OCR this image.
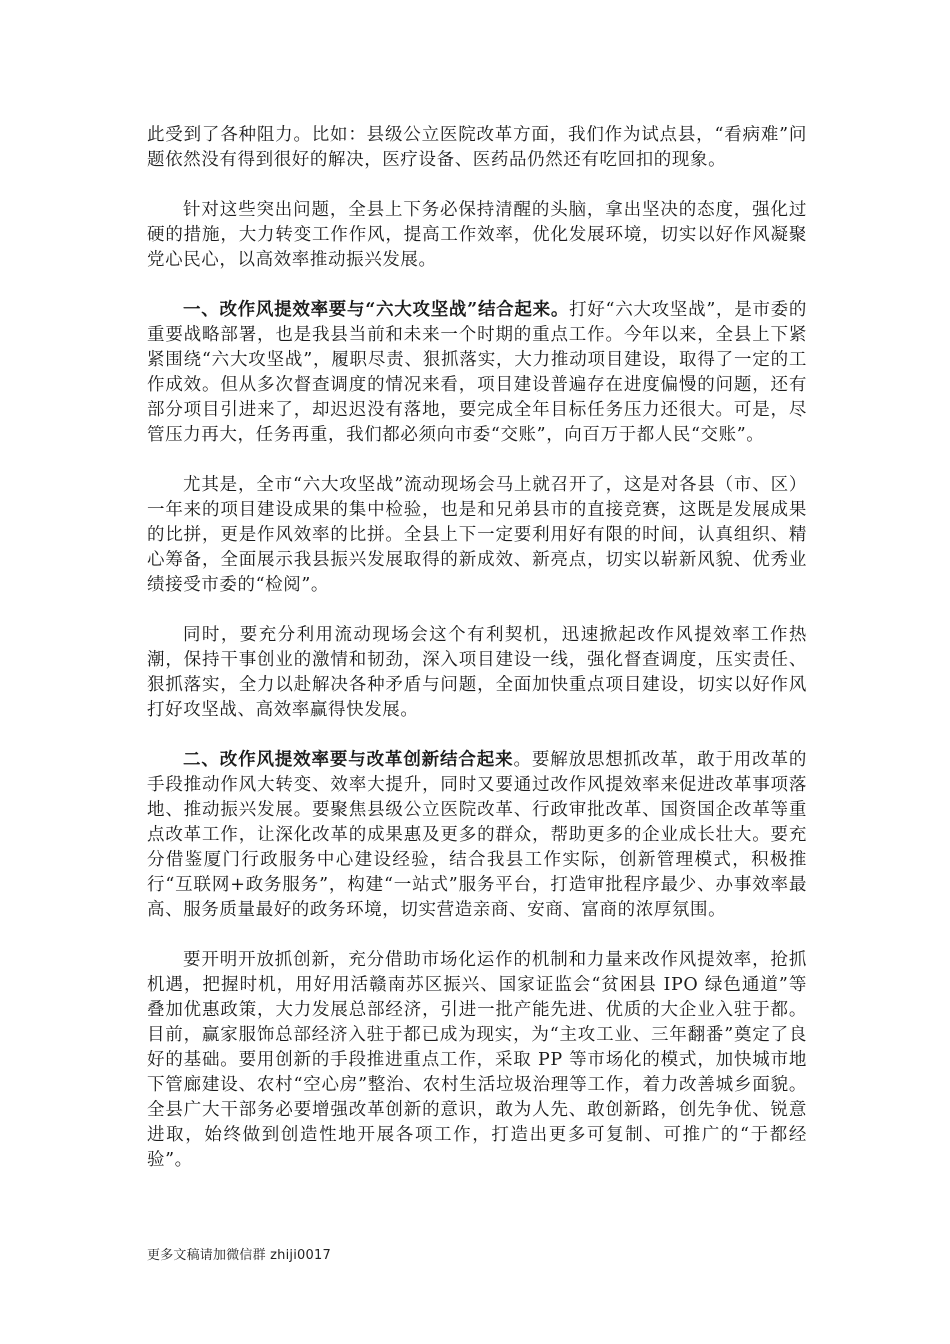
此受到了各种阻力。比如：县级公立医院改革方面，我们作为试点县，“看病难”问题依然没有得到很好的解决，医疗设备、医药品仍然还有吃回扣的现象。

针对这些突出问题，全县上下务必保持清醒的头脑，拿出坚决的态度，强化过硬的措施，大力转变工作作风，提高工作效率，优化发展环境，切实以好作风凝聚党心民心，以高效率推动振兴发展。

一、改作风提效率要与“六大攻坚战”结合起来。打好“六大攻坚战”，是市委的重要战略部署，也是我县当前和未来一个时期的重点工作。今年以来，全县上下紧紧围绕“六大攻坚战”，履职尽责、狠抓落实，大力推动项目建设，取得了一定的工作成效。但从多次督查调度的情况来看，项目建设普遍存在进度偏慢的问题，还有部分项目引进来了，却迟迟没有落地，要完成全年目标任务压力还很大。可是，尽管压力再大，任务再重，我们都必须向市委“交账”，向百万于都人民“交账”。

尤其是，全市“六大攻坚战”流动现场会马上就召开了，这是对各县（市、区）一年来的项目建设成果的集中检验，也是和兄弟县市的直接竞赛，这既是发展成果的比拼，更是作风效率的比拼。全县上下一定要利用好有限的时间，认真组织、精心筹备，全面展示我县振兴发展取得的新成效、新亮点，切实以崭新风貌、优秀业绩接受市委的“检阅”。

同时，要充分利用流动现场会这个有利契机，迅速掀起改作风提效率工作热潮，保持干事创业的激情和韧劲，深入项目建设一线，强化督查调度，压实责任、狠抓落实，全力以赴解决各种矛盾与问题，全面加快重点项目建设，切实以好作风打好攻坚战、高效率赢得快发展。

二、改作风提效率要与改革创新结合起来。要解放思想抓改革，敢于用改革的手段推动作风大转变、效率大提升，同时又要通过改作风提效率来促进改革事项落地、推动振兴发展。要聚焦县级公立医院改革、行政审批改革、国资国企改革等重点改革工作，让深化改革的成果惠及更多的群众，帮助更多的企业成长壮大。要充分借鉴厦门行政服务中心建设经验，结合我县工作实际，创新管理模式，积极推行“互联网+政务服务”，构建“一站式”服务平台，打造审批程序最少、办事效率最高、服务质量最好的政务环境，切实营造亲商、安商、富商的浓厚氛围。

要开明开放抓创新，充分借助市场化运作的机制和力量来改作风提效率，抢抓机遇，把握时机，用好用活赣南苏区振兴、国家证监会“贫困县 IPO 绿色通道”等叠加优惠政策，大力发展总部经济，引进一批产能先进、优质的大企业入驻于都。目前，赢家服饰总部经济入驻于都已成为现实，为“主攻工业、三年翻番”奠定了良好的基础。要用创新的手段推进重点工作，采取 PP 等市场化的模式，加快城市地下管廊建设、农村“空心房”整治、农村生活垃圾治理等工作，着力改善城乡面貌。全县广大干部务必要增强改革创新的意识，敢为人先、敢创新路，创先争优、锐意进取，始终做到创造性地开展各项工作，打造出更多可复制、可推广的“于都经验”。

更多文稿请加微信群 zhiji0017
